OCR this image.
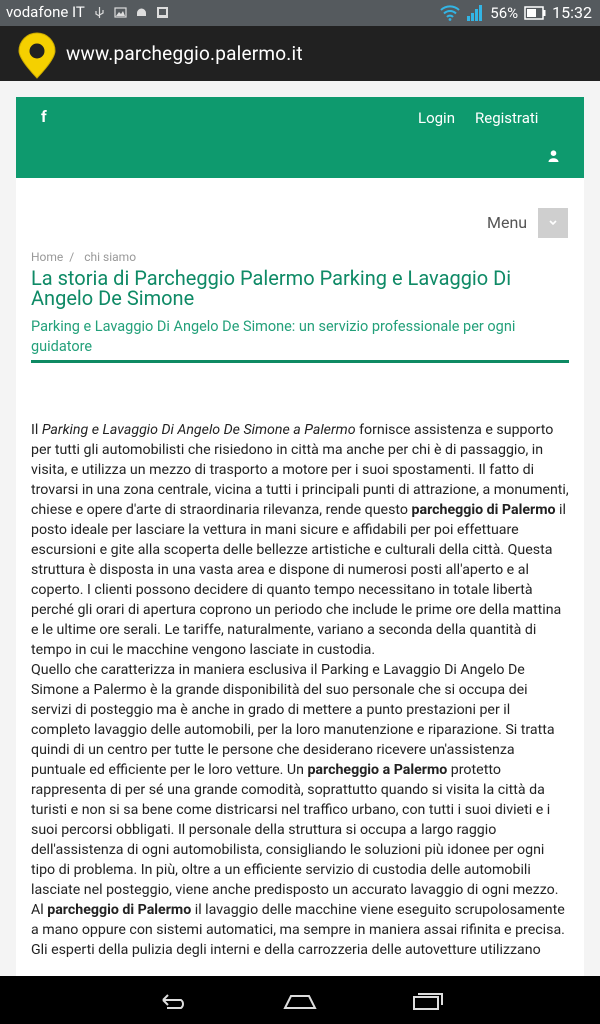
vodafone IT	56% 15:32
www.parcheggio.palermo.it
f	Login Registrati
Menu
Home / chi siamo
La storia di Parcheggio Palermo Parking e Lavaggio Di Angelo De Simone
Parking e Lavaggio Di Angelo De Simone: un servizio professionale per ogni guidatore

Il Parking e Lavaggio Di Angelo De Simone a Palermo fornisce assistenza e supporto per tutti gli automobilisti che risiedono in città ma anche per chi è di passaggio, in visita, e utilizza un mezzo di trasporto a motore per i suoi spostamenti. Il fatto di trovarsi in una zona centrale, vicina a tutti i principali punti di attrazione, a monumenti, chiese e opere d'arte di straordinaria rilevanza, rende questo parcheggio di Palermo il posto ideale per lasciare la vettura in mani sicure e affidabili per poi effettuare escursioni e gite alla scoperta delle bellezze artistiche e culturali della città. Questa struttura è disposta in una vasta area e dispone di numerosi posti all'aperto e al coperto. I clienti possono decidere di quanto tempo necessitano in totale libertà perché gli orari di apertura coprono un periodo che include le prime ore della mattina e le ultime ore serali. Le tariffe, naturalmente, variano a seconda della quantità di tempo in cui le macchine vengono lasciate in custodia.

Quello che caratterizza in maniera esclusiva il Parking e Lavaggio Di Angelo De Simone a Palermo è la grande disponibilità del suo personale che si occupa dei servizi di posteggio ma è anche in grado di mettere a punto prestazioni per il completo lavaggio delle automobili, per la loro manutenzione e riparazione. Si tratta quindi di un centro per tutte le persone che desiderano ricevere un'assistenza puntuale ed efficiente per le loro vetture. Un parcheggio a Palermo protetto rappresenta di per sé una grande comodità, soprattutto quando si visita la città da turisti e non si sa bene come districarsi nel traffico urbano, con tutti i suoi divieti e i suoi percorsi obbligati. Il personale della struttura si occupa a largo raggio dell'assistenza di ogni automobilista, consigliando le soluzioni più idonee per ogni tipo di problema. In più, oltre a un efficiente servizio di custodia delle automobili lasciate nel posteggio, viene anche predisposto un accurato lavaggio di ogni mezzo.

Al parcheggio di Palermo il lavaggio delle macchine viene eseguito scrupolosamente a mano oppure con sistemi automatici, ma sempre in maniera assai rifinita e precisa. Gli esperti della pulizia degli interni e della carrozzeria delle autovetture utilizzano
